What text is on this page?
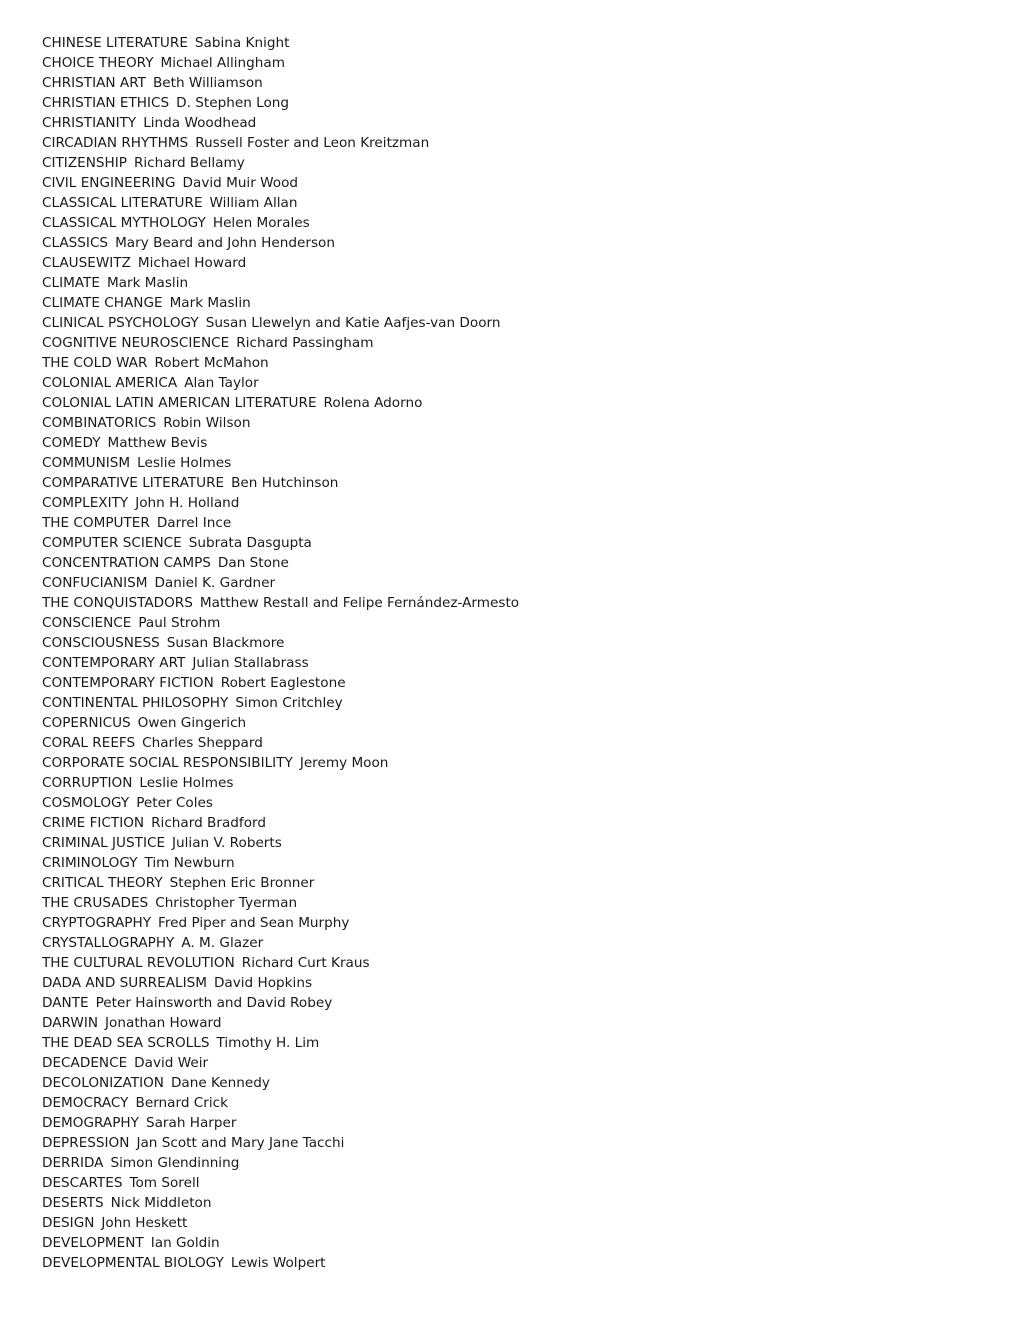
CHINESE LITERATURE Sabina Knight
CHOICE THEORY Michael Allingham
CHRISTIAN ART Beth Williamson
CHRISTIAN ETHICS D. Stephen Long
CHRISTIANITY Linda Woodhead
CIRCADIAN RHYTHMS Russell Foster and Leon Kreitzman
CITIZENSHIP Richard Bellamy
CIVIL ENGINEERING David Muir Wood
CLASSICAL LITERATURE William Allan
CLASSICAL MYTHOLOGY Helen Morales
CLASSICS Mary Beard and John Henderson
CLAUSEWITZ Michael Howard
CLIMATE Mark Maslin
CLIMATE CHANGE Mark Maslin
CLINICAL PSYCHOLOGY Susan Llewelyn and Katie Aafjes-van Doorn
COGNITIVE NEUROSCIENCE Richard Passingham
THE COLD WAR Robert McMahon
COLONIAL AMERICA Alan Taylor
COLONIAL LATIN AMERICAN LITERATURE Rolena Adorno
COMBINATORICS Robin Wilson
COMEDY Matthew Bevis
COMMUNISM Leslie Holmes
COMPARATIVE LITERATURE Ben Hutchinson
COMPLEXITY John H. Holland
THE COMPUTER Darrel Ince
COMPUTER SCIENCE Subrata Dasgupta
CONCENTRATION CAMPS Dan Stone
CONFUCIANISM Daniel K. Gardner
THE CONQUISTADORS Matthew Restall and Felipe Fernández-Armesto
CONSCIENCE Paul Strohm
CONSCIOUSNESS Susan Blackmore
CONTEMPORARY ART Julian Stallabrass
CONTEMPORARY FICTION Robert Eaglestone
CONTINENTAL PHILOSOPHY Simon Critchley
COPERNICUS Owen Gingerich
CORAL REEFS Charles Sheppard
CORPORATE SOCIAL RESPONSIBILITY Jeremy Moon
CORRUPTION Leslie Holmes
COSMOLOGY Peter Coles
CRIME FICTION Richard Bradford
CRIMINAL JUSTICE Julian V. Roberts
CRIMINOLOGY Tim Newburn
CRITICAL THEORY Stephen Eric Bronner
THE CRUSADES Christopher Tyerman
CRYPTOGRAPHY Fred Piper and Sean Murphy
CRYSTALLOGRAPHY A. M. Glazer
THE CULTURAL REVOLUTION Richard Curt Kraus
DADA AND SURREALISM David Hopkins
DANTE Peter Hainsworth and David Robey
DARWIN Jonathan Howard
THE DEAD SEA SCROLLS Timothy H. Lim
DECADENCE David Weir
DECOLONIZATION Dane Kennedy
DEMOCRACY Bernard Crick
DEMOGRAPHY Sarah Harper
DEPRESSION Jan Scott and Mary Jane Tacchi
DERRIDA Simon Glendinning
DESCARTES Tom Sorell
DESERTS Nick Middleton
DESIGN John Heskett
DEVELOPMENT Ian Goldin
DEVELOPMENTAL BIOLOGY Lewis Wolpert
